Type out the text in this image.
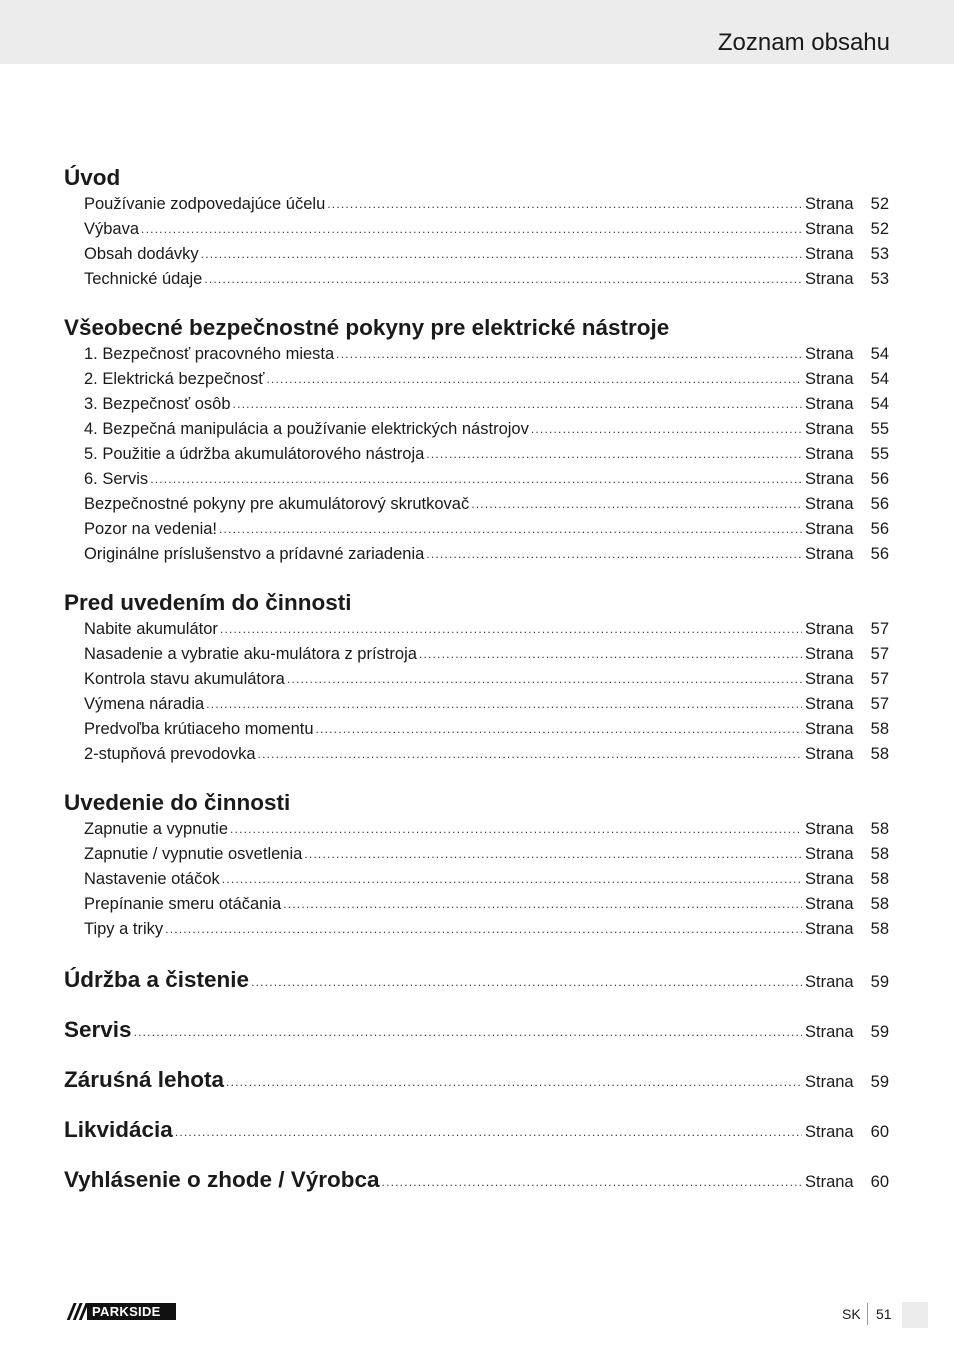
Zoznam obsahu
Úvod
Používanie zodpovedajúce účelu .....	Strana	52
Výbava .....	Strana	52
Obsah dodávky .....	Strana	53
Technické údaje .....	Strana	53
Všeobecné bezpečnostné pokyny pre elektrické nástroje
1. Bezpečnosť pracovného miesta .....	Strana	54
2. Elektrická bezpečnosť .....	Strana	54
3. Bezpečnosť osôb .....	Strana	54
4. Bezpečná manipulácia a používanie elektrických nástrojov .....	Strana	55
5. Použitie a údržba akumulátorového nástroja .....	Strana	55
6. Servis .....	Strana	56
Bezpečnostné pokyny pre akumulátorový skrutkovač .....	Strana	56
Pozor na vedenia! .....	Strana	56
Originálne príslušenstvo a prídavné zariadenia .....	Strana	56
Pred uvedením do činnosti
Nabite akumulátor .....	Strana	57
Nasadenie a vybratie aku-mulátora z prístroja .....	Strana	57
Kontrola stavu akumulátora .....	Strana	57
Výmena náradia .....	Strana	57
Predvoľba krútiaceho momentu .....	Strana	58
2-stupňová prevodovka .....	Strana	58
Uvedenie do činnosti
Zapnutie a vypnutie .....	Strana	58
Zapnutie / vypnutie osvetlenia .....	Strana	58
Nastavenie otáčok .....	Strana	58
Prepínanie smeru otáčania .....	Strana	58
Tipy a triky .....	Strana	58
Údržba a čistenie .....	Strana	59
Servis .....	Strana	59
Záruśná lehota .....	Strana	59
Likvidácia .....	Strana	60
Vyhlásenie o zhode / Výrobca .....	Strana	60
PARKSIDE	SK 51
